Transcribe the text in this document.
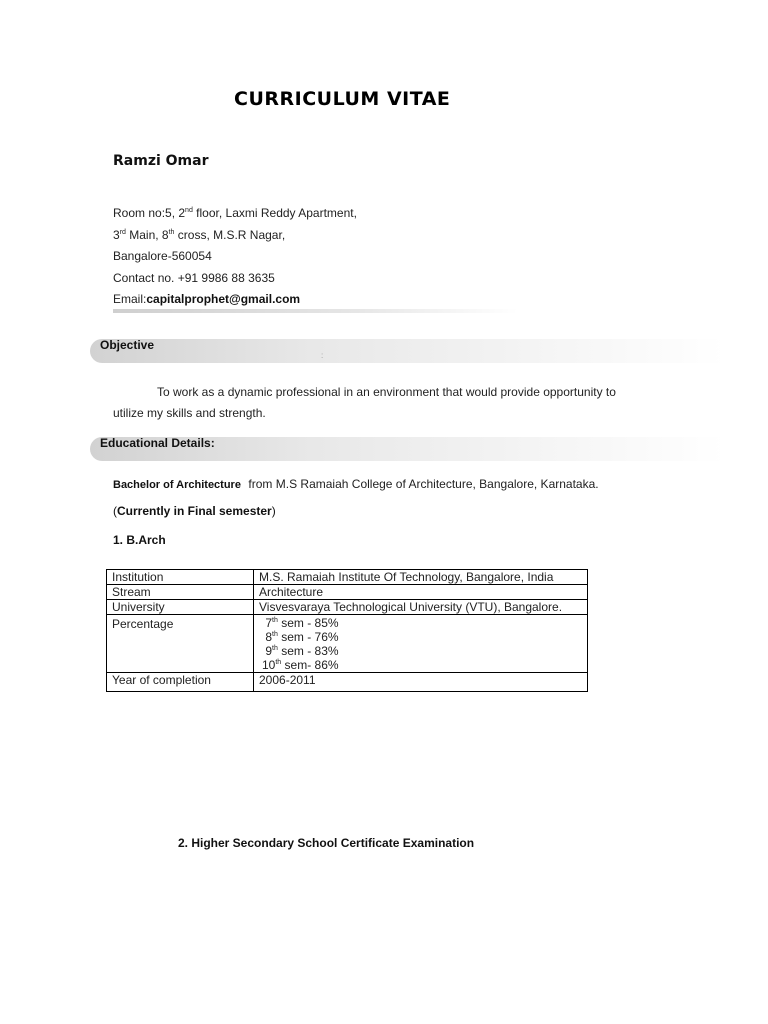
CURRICULUM VITAE
Ramzi Omar
Room no:5, 2nd floor, Laxmi Reddy Apartment,
3rd Main, 8th cross, M.S.R Nagar,
Bangalore-560054
Contact no. +91 9986 88 3635
Email:capitalprophet@gmail.com
Objective
:
To work as a dynamic professional in an environment that would provide opportunity to
utilize my skills and strength.
Educational Details:
Bachelor of Architecture from M.S Ramaiah College of Architecture, Bangalore, Karnataka.
(Currently in Final semester)
1. B.Arch
Institution	M.S. Ramaiah Institute Of Technology, Bangalore, India
Stream	Architecture
University	Visvesvaraya Technological University (VTU), Bangalore.
Percentage	7th sem - 85%
8th sem - 76%
9th sem - 83%
10th sem- 86%

Year of completion	2006-2011
2. Higher Secondary School Certificate Examination
